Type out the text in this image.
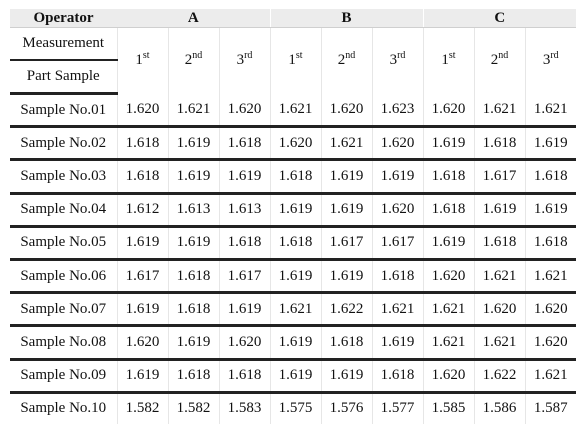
Operator	A			B			C		
Measurement	1st	2nd	3rd	1st	2nd	3rd	1st	2nd	3rd
Part Sample									
Sample No.01	1.620	1.621	1.620	1.621	1.620	1.623	1.620	1.621	1.621
Sample No.02	1.618	1.619	1.618	1.620	1.621	1.620	1.619	1.618	1.619
Sample No.03	1.618	1.619	1.619	1.618	1.619	1.619	1.618	1.617	1.618
Sample No.04	1.612	1.613	1.613	1.619	1.619	1.620	1.618	1.619	1.619
Sample No.05	1.619	1.619	1.618	1.618	1.617	1.617	1.619	1.618	1.618
Sample No.06	1.617	1.618	1.617	1.619	1.619	1.618	1.620	1.621	1.621
Sample No.07	1.619	1.618	1.619	1.621	1.622	1.621	1.621	1.620	1.620
Sample No.08	1.620	1.619	1.620	1.619	1.618	1.619	1.621	1.621	1.620
Sample No.09	1.619	1.618	1.618	1.619	1.619	1.618	1.620	1.622	1.621
Sample No.10	1.582	1.582	1.583	1.575	1.576	1.577	1.585	1.586	1.587
